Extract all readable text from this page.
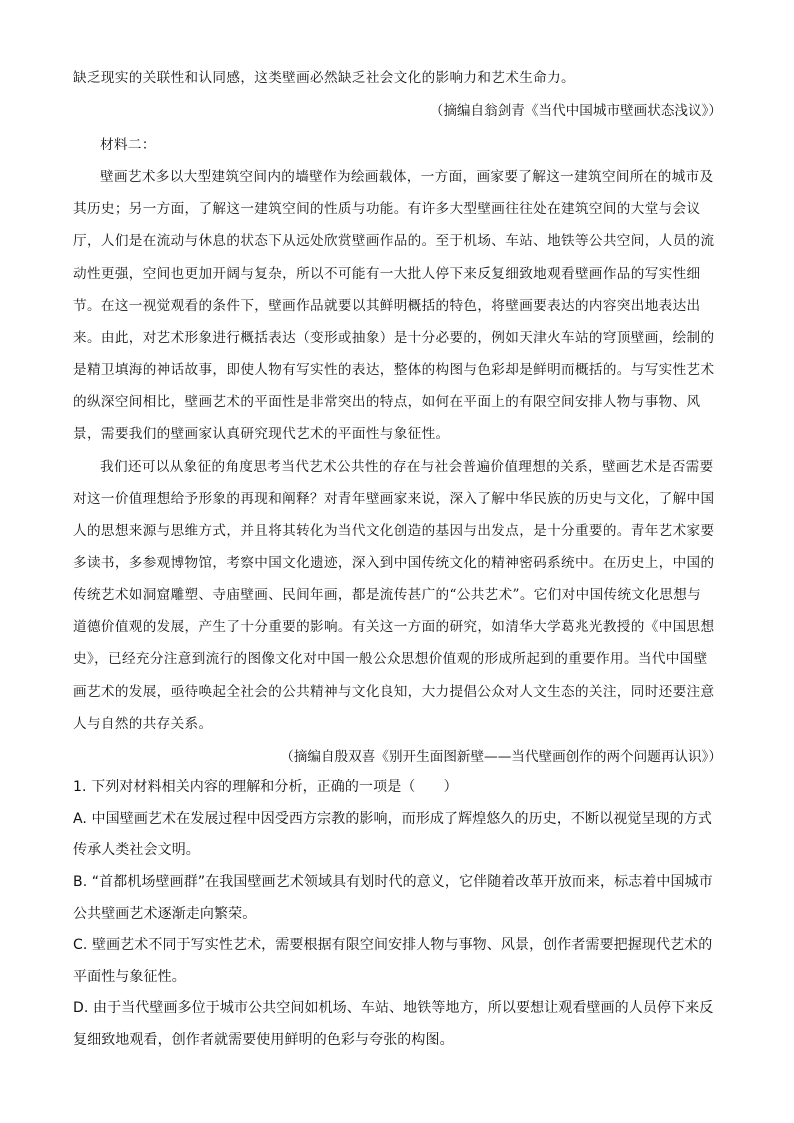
缺乏现实的关联性和认同感，这类壁画必然缺乏社会文化的影响力和艺术生命力。
（摘编自翁剑青《当代中国城市壁画状态浅议》）
材料二：
壁画艺术多以大型建筑空间内的墙壁作为绘画载体，一方面，画家要了解这一建筑空间所在的城市及
其历史；另一方面，了解这一建筑空间的性质与功能。有许多大型壁画往往处在建筑空间的大堂与会议
厅，人们是在流动与休息的状态下从远处欣赏壁画作品的。至于机场、车站、地铁等公共空间，人员的流
动性更强，空间也更加开阔与复杂，所以不可能有一大批人停下来反复细致地观看壁画作品的写实性细
节。在这一视觉观看的条件下，壁画作品就要以其鲜明概括的特色，将壁画要表达的内容突出地表达出
来。由此，对艺术形象进行概括表达（变形或抽象）是十分必要的，例如天津火车站的穹顶壁画，绘制的
是精卫填海的神话故事，即使人物有写实性的表达，整体的构图与色彩却是鲜明而概括的。与写实性艺术
的纵深空间相比，壁画艺术的平面性是非常突出的特点，如何在平面上的有限空间安排人物与事物、风
景，需要我们的壁画家认真研究现代艺术的平面性与象征性。
我们还可以从象征的角度思考当代艺术公共性的存在与社会普遍价值理想的关系，壁画艺术是否需要
对这一价值理想给予形象的再现和阐释？对青年壁画家来说，深入了解中华民族的历史与文化，了解中国
人的思想来源与思维方式，并且将其转化为当代文化创造的基因与出发点，是十分重要的。青年艺术家要
多读书，多参观博物馆，考察中国文化遗迹，深入到中国传统文化的精神密码系统中。在历史上，中国的
传统艺术如洞窟雕塑、寺庙壁画、民间年画，都是流传甚广的“公共艺术”。它们对中国传统文化思想与
道德价值观的发展，产生了十分重要的影响。有关这一方面的研究，如清华大学葛兆光教授的《中国思想
史》，已经充分注意到流行的图像文化对中国一般公众思想价值观的形成所起到的重要作用。当代中国壁
画艺术的发展，亟待唤起全社会的公共精神与文化良知，大力提倡公众对人文生态的关注，同时还要注意
人与自然的共存关系。
（摘编自殷双喜《别开生面图新壁——当代壁画创作的两个问题再认识》）
1. 下列对材料相关内容的理解和分析，正确的一项是（　　）
A. 中国壁画艺术在发展过程中因受西方宗教的影响，而形成了辉煌悠久的历史，不断以视觉呈现的方式
传承人类社会文明。
B. “首都机场壁画群”在我国壁画艺术领域具有划时代的意义，它伴随着改革开放而来，标志着中国城市
公共壁画艺术逐渐走向繁荣。
C. 壁画艺术不同于写实性艺术，需要根据有限空间安排人物与事物、风景，创作者需要把握现代艺术的
平面性与象征性。
D. 由于当代壁画多位于城市公共空间如机场、车站、地铁等地方，所以要想让观看壁画的人员停下来反
复细致地观看，创作者就需要使用鲜明的色彩与夸张的构图。
